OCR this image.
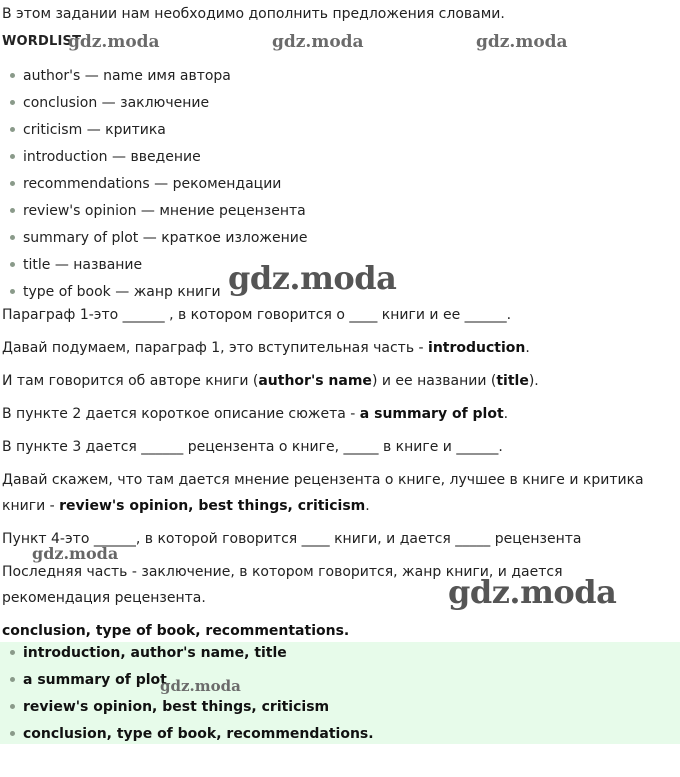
В этом задании нам необходимо дополнить предложения словами.
WORDLIST
author's — name имя автора
conclusion — заключение
criticism — критика
introduction — введение
recommendations — рекомендации
review's opinion — мнение рецензента
summary of plot — краткое изложение
title — название
type of book — жанр книги
Параграф 1-это ______ , в котором говорится о ____ книги и ее ______.
Давай подумаем, параграф 1, это вступительная часть - introduction.
И там говорится об авторе книги (author's name) и ее названии (title).
В пункте 2 дается короткое описание сюжета - a summary of plot.
В пункте 3 дается ______ рецензента о книге, _____ в книге и ______.
Давай скажем, что там дается мнение рецензента о книге, лучшее в книге и критика
книги - review's opinion, best things, criticism.
Пункт 4-это ______, в которой говорится ____ книги, и дается _____ рецензента
Последняя часть - заключение, в котором говорится, жанр книги, и дается
рекомендация рецензента.
conclusion, type of book, recommentations.
introduction, author's name, title
a summary of plot
review's opinion, best things, criticism
conclusion, type of book, recommendations.
gdz.moda	gdz.moda	gdz.moda
gdz.moda
gdz.moda
gdz.moda
gdz.moda
